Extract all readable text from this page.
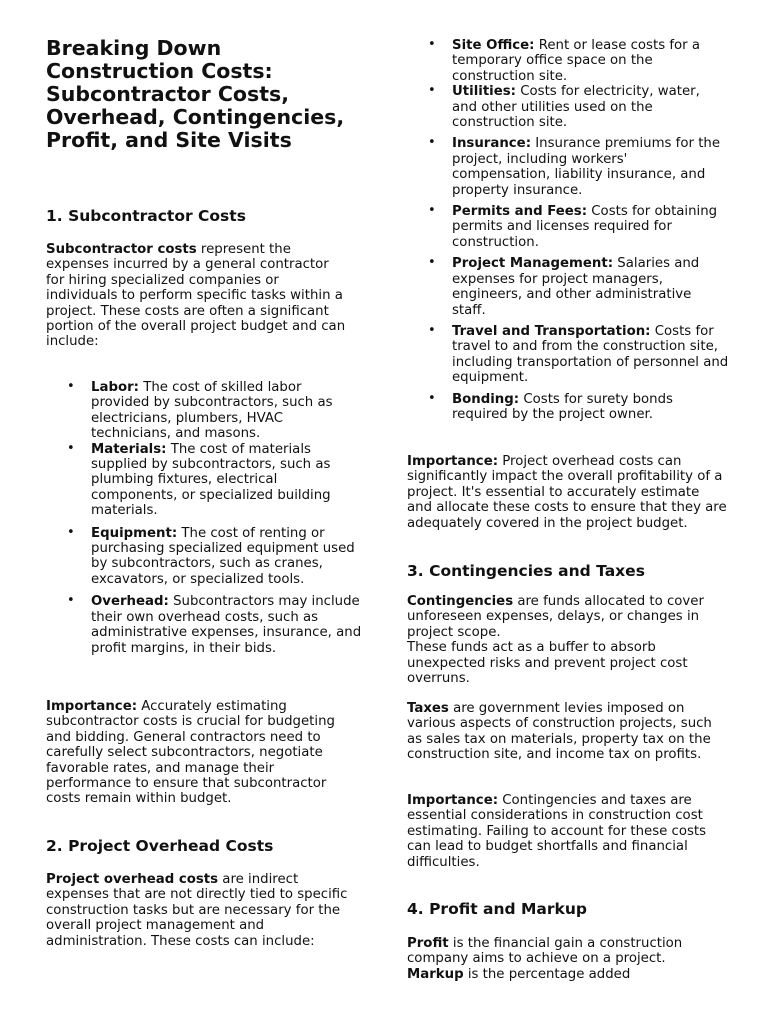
Breaking Down Construction Costs: Subcontractor Costs, Overhead, Contingencies, Profit, and Site Visits
1. Subcontractor Costs

Subcontractor costs represent the expenses incurred by a general contractor for hiring specialized companies or individuals to perform specific tasks within a project. These costs are often a significant portion of the overall project budget and can include:

• Labor: The cost of skilled labor provided by subcontractors, such as electricians, plumbers, HVAC technicians, and masons.
• Materials: The cost of materials supplied by subcontractors, such as plumbing fixtures, electrical components, or specialized building materials.
• Equipment: The cost of renting or purchasing specialized equipment used by subcontractors, such as cranes, excavators, or specialized tools.
• Overhead: Subcontractors may include their own overhead costs, such as administrative expenses, insurance, and profit margins, in their bids.

Importance: Accurately estimating subcontractor costs is crucial for budgeting and bidding. General contractors need to carefully select subcontractors, negotiate favorable rates, and manage their performance to ensure that subcontractor costs remain within budget.

2. Project Overhead Costs

Project overhead costs are indirect expenses that are not directly tied to specific construction tasks but are necessary for the overall project management and administration. These costs can include:

• Site Office: Rent or lease costs for a temporary office space on the construction site.
• Utilities: Costs for electricity, water, and other utilities used on the construction site.
• Insurance: Insurance premiums for the project, including workers' compensation, liability insurance, and property insurance.
• Permits and Fees: Costs for obtaining permits and licenses required for construction.
• Project Management: Salaries and expenses for project managers, engineers, and other administrative staff.
• Travel and Transportation: Costs for travel to and from the construction site, including transportation of personnel and equipment.
• Bonding: Costs for surety bonds required by the project owner.

Importance: Project overhead costs can significantly impact the overall profitability of a project. It's essential to accurately estimate and allocate these costs to ensure that they are adequately covered in the project budget.

3. Contingencies and Taxes

Contingencies are funds allocated to cover unforeseen expenses, delays, or changes in project scope.
These funds act as a buffer to absorb unexpected risks and prevent project cost overruns.

Taxes are government levies imposed on various aspects of construction projects, such as sales tax on materials, property tax on the construction site, and income tax on profits.

Importance: Contingencies and taxes are essential considerations in construction cost estimating. Failing to account for these costs can lead to budget shortfalls and financial difficulties.

4. Profit and Markup

Profit is the financial gain a construction company aims to achieve on a project. Markup is the percentage added
